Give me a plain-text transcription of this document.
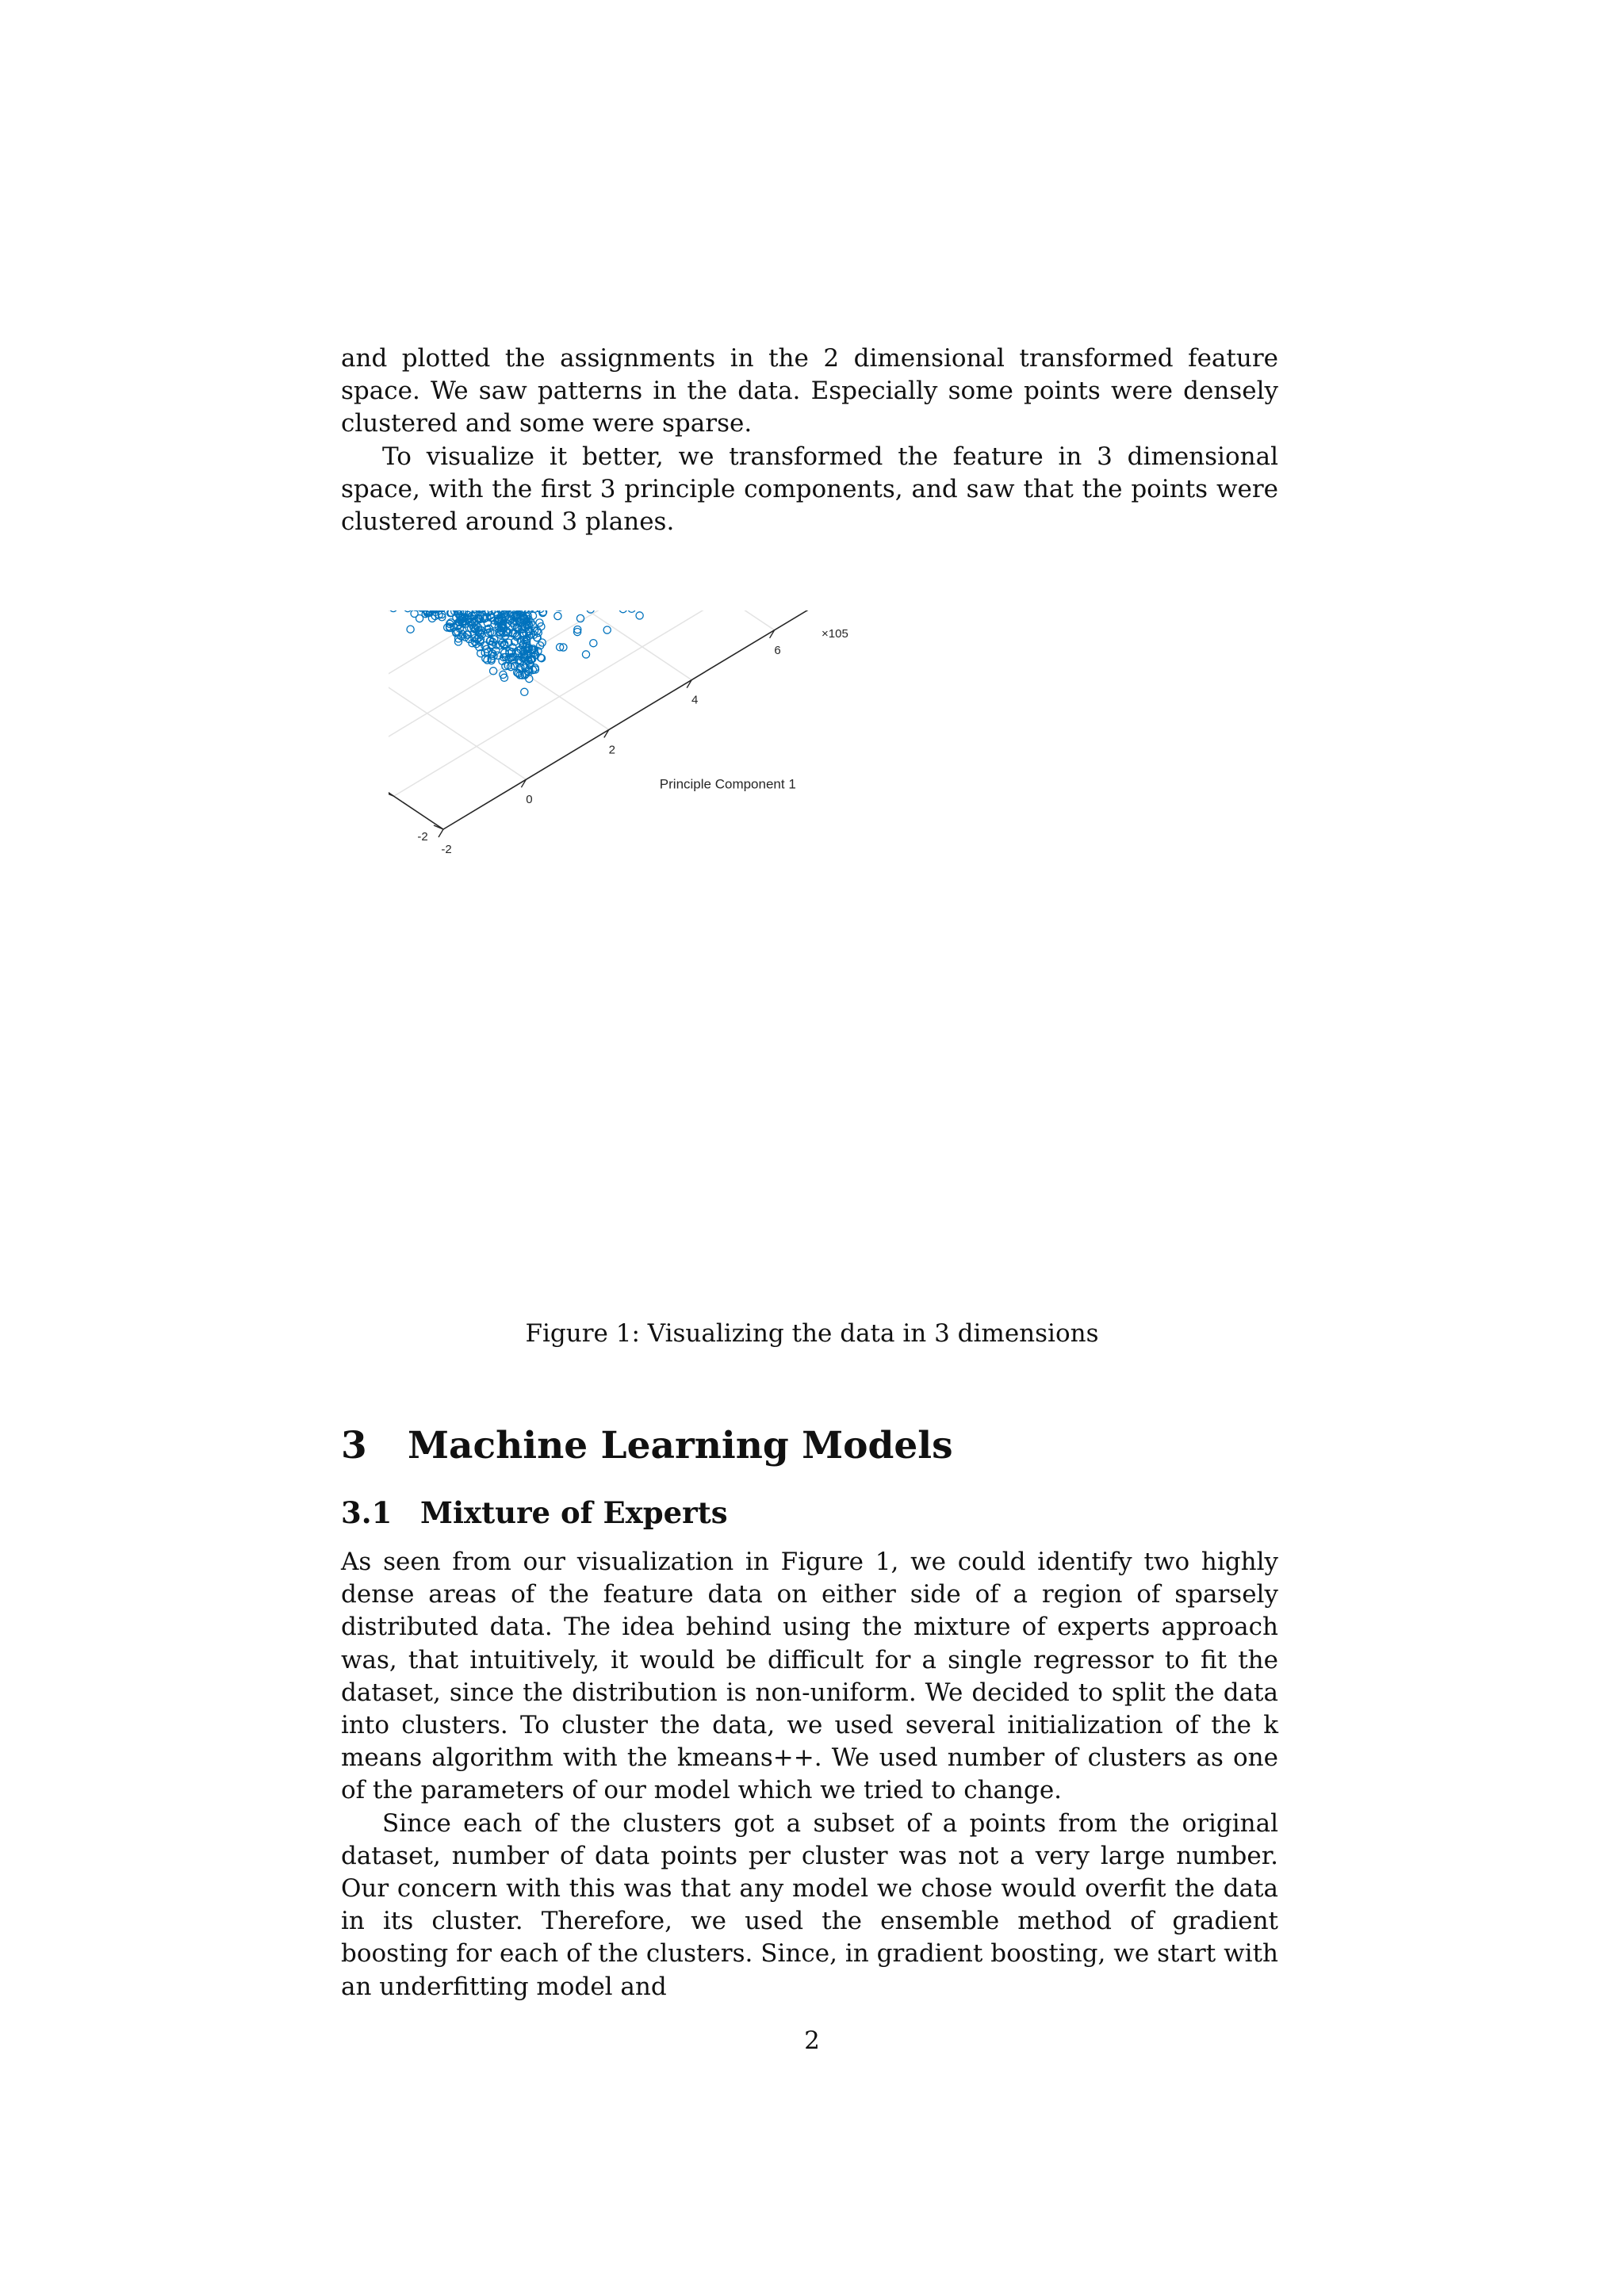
and plotted the assignments in the 2 dimensional transformed feature space. We saw patterns in the data. Especially some points were densely clustered and some were sparse.

To visualize it better, we transformed the feature in 3 dimensional space, with the first 3 principle components, and saw that the points were clustered around 3 planes.

-2
0
2
4
6
-2
×105
Principle Component 1
Figure 1: Visualizing the data in 3 dimensions
3 Machine Learning Models
3.1 Mixture of Experts

As seen from our visualization in Figure 1, we could identify two highly dense areas of the feature data on either side of a region of sparsely distributed data. The idea behind using the mixture of experts approach was, that intuitively, it would be difficult for a single regressor to fit the dataset, since the distribution is non-uniform. We decided to split the data into clusters. To cluster the data, we used several initialization of the k means algorithm with the kmeans++. We used number of clusters as one of the parameters of our model which we tried to change.

Since each of the clusters got a subset of a points from the original dataset, number of data points per cluster was not a very large number. Our concern with this was that any model we chose would overfit the data in its cluster. Therefore, we used the ensemble method of gradient boosting for each of the clusters. Since, in gradient boosting, we start with an underfitting model and

2
